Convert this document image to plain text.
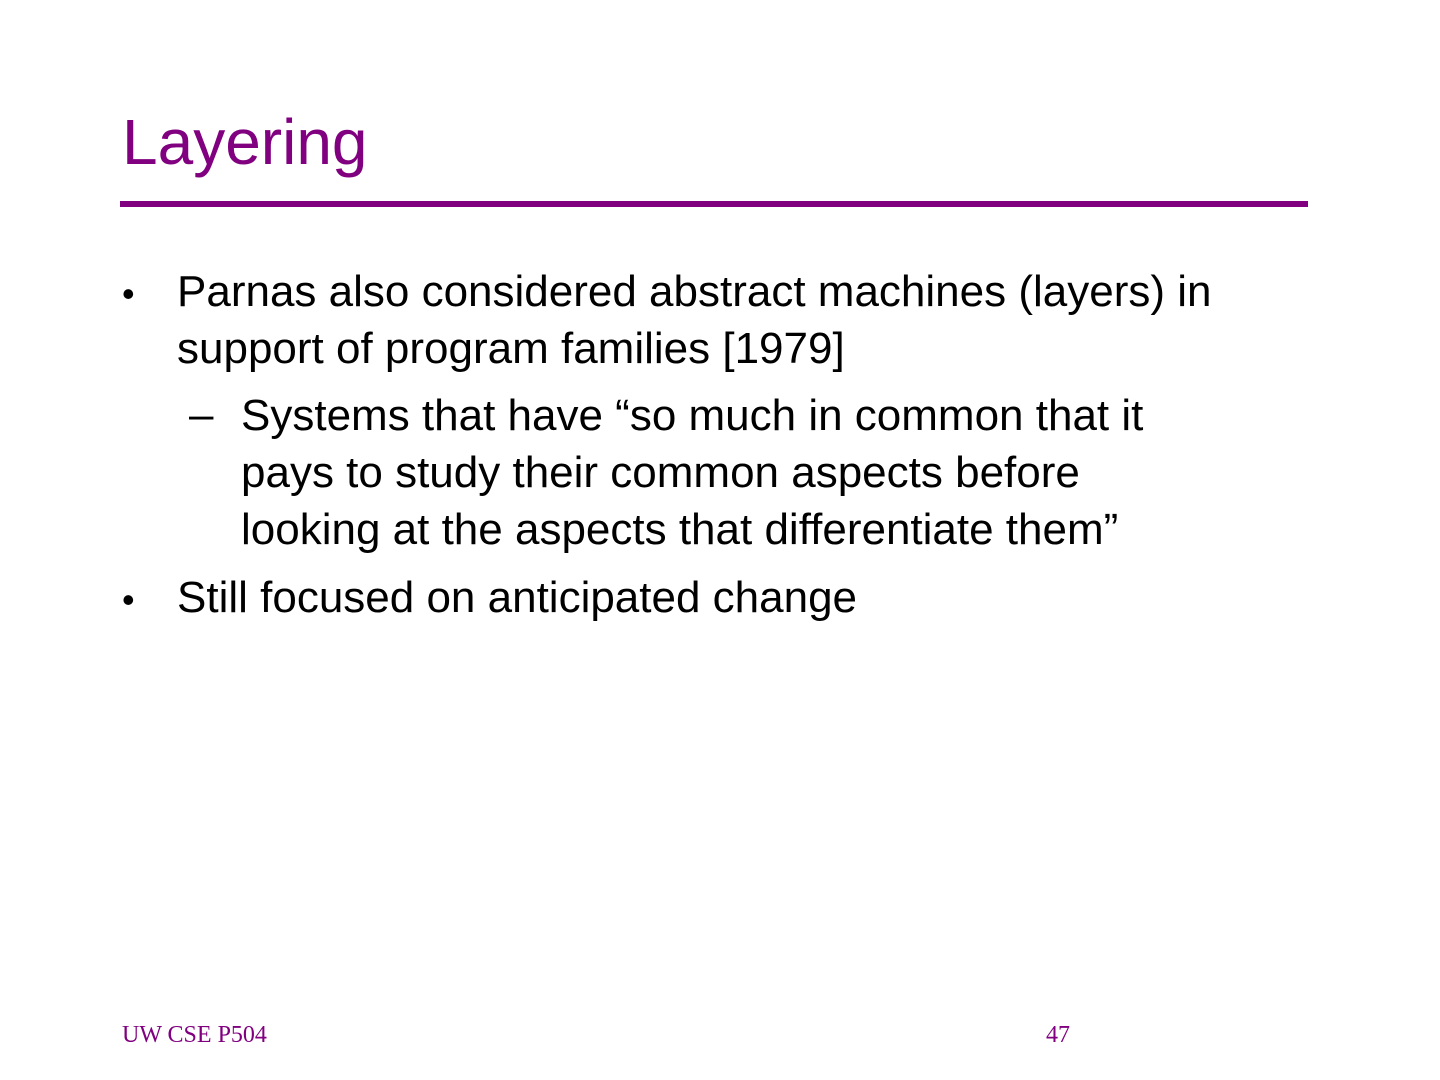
Layering
• Parnas also considered abstract machines (layers) in
support of program families [1979]
– Systems that have “so much in common that it
pays to study their common aspects before
looking at the aspects that differentiate them”
• Still focused on anticipated change
UW CSE P504	47
